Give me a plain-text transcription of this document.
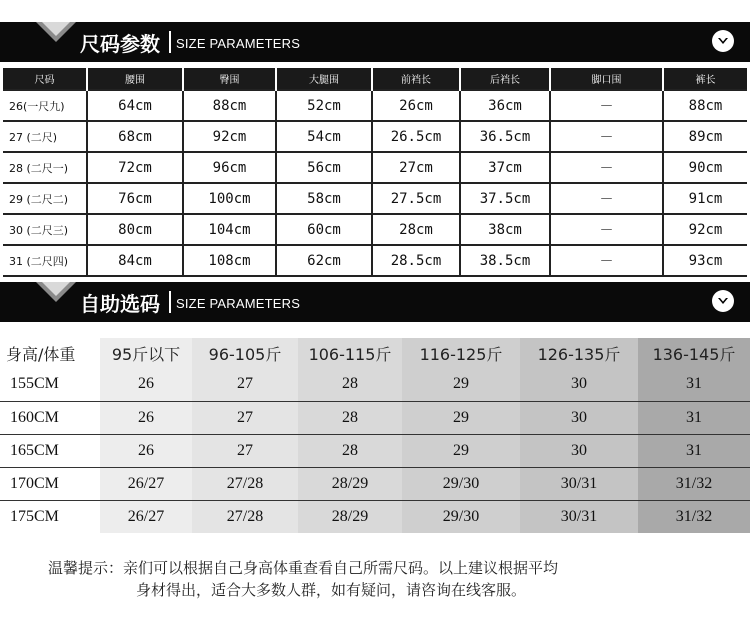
尺码参数 SIZE PARAMETERS
尺码	腰围	臀围	大腿围	前裆长	后裆长	脚口围	裤长
26(一尺九)	64cm	88cm	52cm	26cm	36cm	－	88cm
27 (二尺)	68cm	92cm	54cm	26.5cm	36.5cm	－	89cm
28 (二尺一)	72cm	96cm	56cm	27cm	37cm	－	90cm
29 (二尺二)	76cm	100cm	58cm	27.5cm	37.5cm	－	91cm
30 (二尺三)	80cm	104cm	60cm	28cm	38cm	－	92cm
31 (二尺四)	84cm	108cm	62cm	28.5cm	38.5cm	－	93cm
自助选码 SIZE PARAMETERS
身高/体重	95斤以下	96-105斤	106-115斤	116-125斤	126-135斤	136-145斤
155CM	26	27	28	29	30	31
160CM	26	27	28	29	30	31
165CM	26	27	28	29	30	31
170CM	26/27	27/28	28/29	29/30	30/31	31/32
175CM	26/27	27/28	28/29	29/30	30/31	31/32
温馨提示：亲们可以根据自己身高体重查看自己所需尺码。以上建议根据平均
身材得出，适合大多数人群，如有疑问，请咨询在线客服。
